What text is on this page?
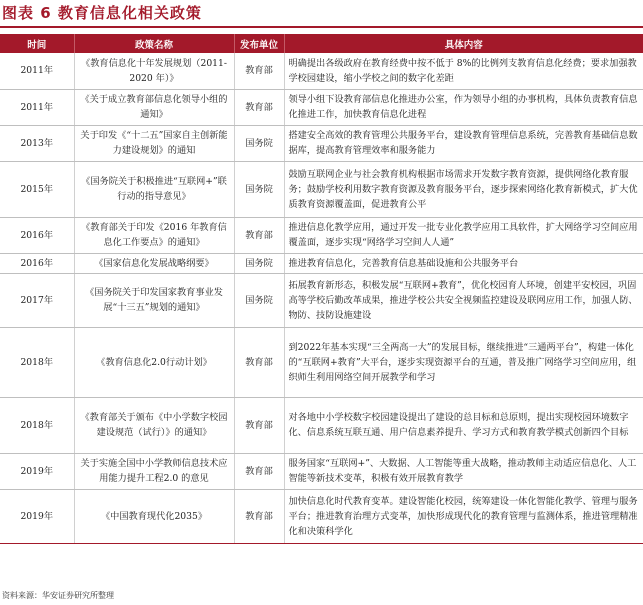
图表 6 教育信息化相关政策
时间	政策名称	发布单位	具体内容
2011年	《教育信息化十年发展规划（2011-2020 年）》	教育部	明确提出各级政府在教育经费中按不低于 8%的比例列支教育信息化经费；要求加强教学校园建设，缩小学校之间的数字化差距
2011年	《关于成立教育部信息化领导小组的通知》	教育部	领导小组下设教育部信息化推进办公室，作为领导小组的办事机构，具体负责教育信息化推进工作，加快教育信息化进程
2013年	关于印发《“十二五”国家自主创新能力建设规划》的通知	国务院	搭建安全高效的教育管理公共服务平台，建设教育管理信息系统，完善教育基础信息数据库，提高教育管理效率和服务能力
2015年	《国务院关于积极推进“互联网+”联行动的指导意见》	国务院	鼓励互联网企业与社会教育机构根据市场需求开发数字教育资源，提供网络化教育服务；鼓励学校利用数字教育资源及教育服务平台，逐步探索网络化教育新模式，扩大优质教育资源覆盖面，促进教育公平
2016年	《教育部关于印发《2016 年教育信息化工作要点》的通知》	教育部	推进信息化教学应用，通过开发一批专业化教学应用工具软件，扩大网络学习空间应用覆盖面，逐步实现“网络学习空间人人通”
2016年	《国家信息化发展战略纲要》	国务院	推进教育信息化，完善教育信息基础设施和公共服务平台
2017年	《国务院关于印发国家教育事业发展“十三五”规划的通知》	国务院	拓展教育新形态，积极发展“互联网+教育”，优化校园育人环境，创建平安校园，巩固高等学校后勤改革成果，推进学校公共安全视频监控建设及联网应用工作，加强人防、物防、技防设施建设
2018年	《教育信息化2.0行动计划》	教育部	到2022年基本实现“三全两高一大”的发展目标，继续推进“三通两平台”，构建一体化的“互联网+教育”大平台，逐步实现资源平台的互通，普及推广网络学习空间应用，组织师生利用网络空间开展教学和学习
2018年	《教育部关于颁布《中小学数字校园建设规范（试行）》的通知》	教育部	对各地中小学校数字校园建设提出了建设的总目标和总原则，提出实现校园环境数字化、信息系统互联互通、用户信息素养提升、学习方式和教育教学模式创新四个目标
2019年	关于实施全国中小学教师信息技术应用能力提升工程2.0 的意见	教育部	服务国家“互联网+”、大数据、人工智能等重大战略，推动教师主动适应信息化、人工智能等新技术变革，积极有效开展教育教学
2019年	《中国教育现代化2035》	教育部	加快信息化时代教育变革。建设智能化校园，统筹建设一体化智能化教学、管理与服务平台；推进教育治理方式变革，加快形成现代化的教育管理与监测体系，推进管理精准化和决策科学化
资料来源：华安证券研究所整理
